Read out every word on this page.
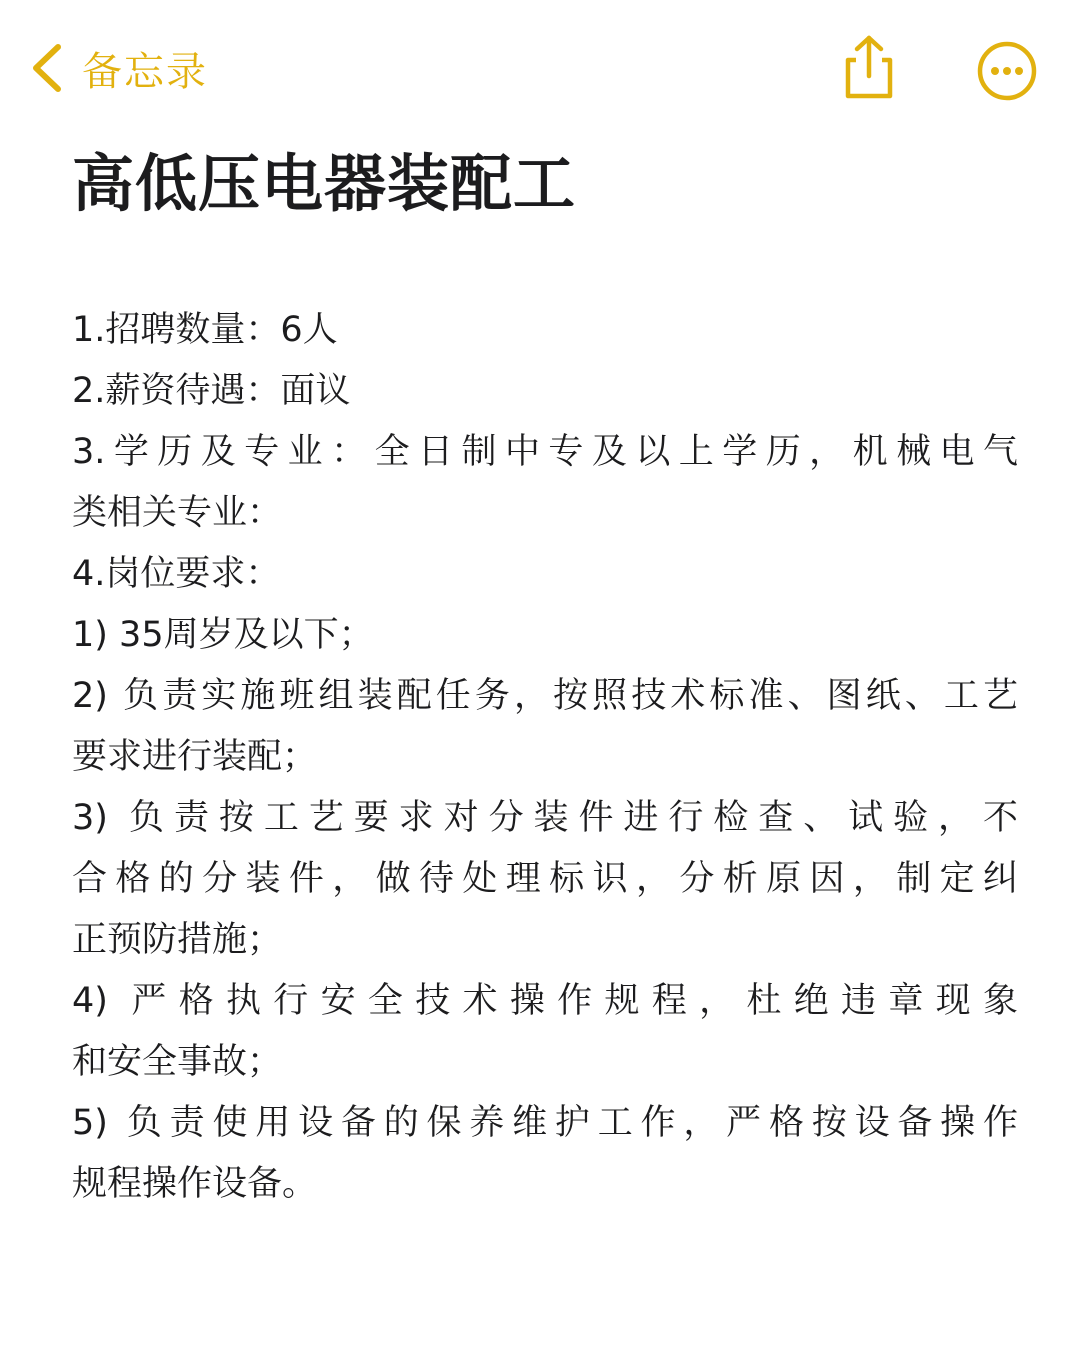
备忘录
高低压电器装配工
1.招聘数量：6人
2.薪资待遇：面议
3.学历及专业：全日制中专及以上学历，机械电气
类相关专业：
4.岗位要求：
1) 35周岁及以下；
2) 负责实施班组装配任务，按照技术标准、图纸、工艺
要求进行装配；
3) 负责按工艺要求对分装件进行检查、试验，不
合格的分装件，做待处理标识，分析原因，制定纠
正预防措施；
4) 严格执行安全技术操作规程，杜绝违章现象
和安全事故；
5) 负责使用设备的保养维护工作，严格按设备操作
规程操作设备。
